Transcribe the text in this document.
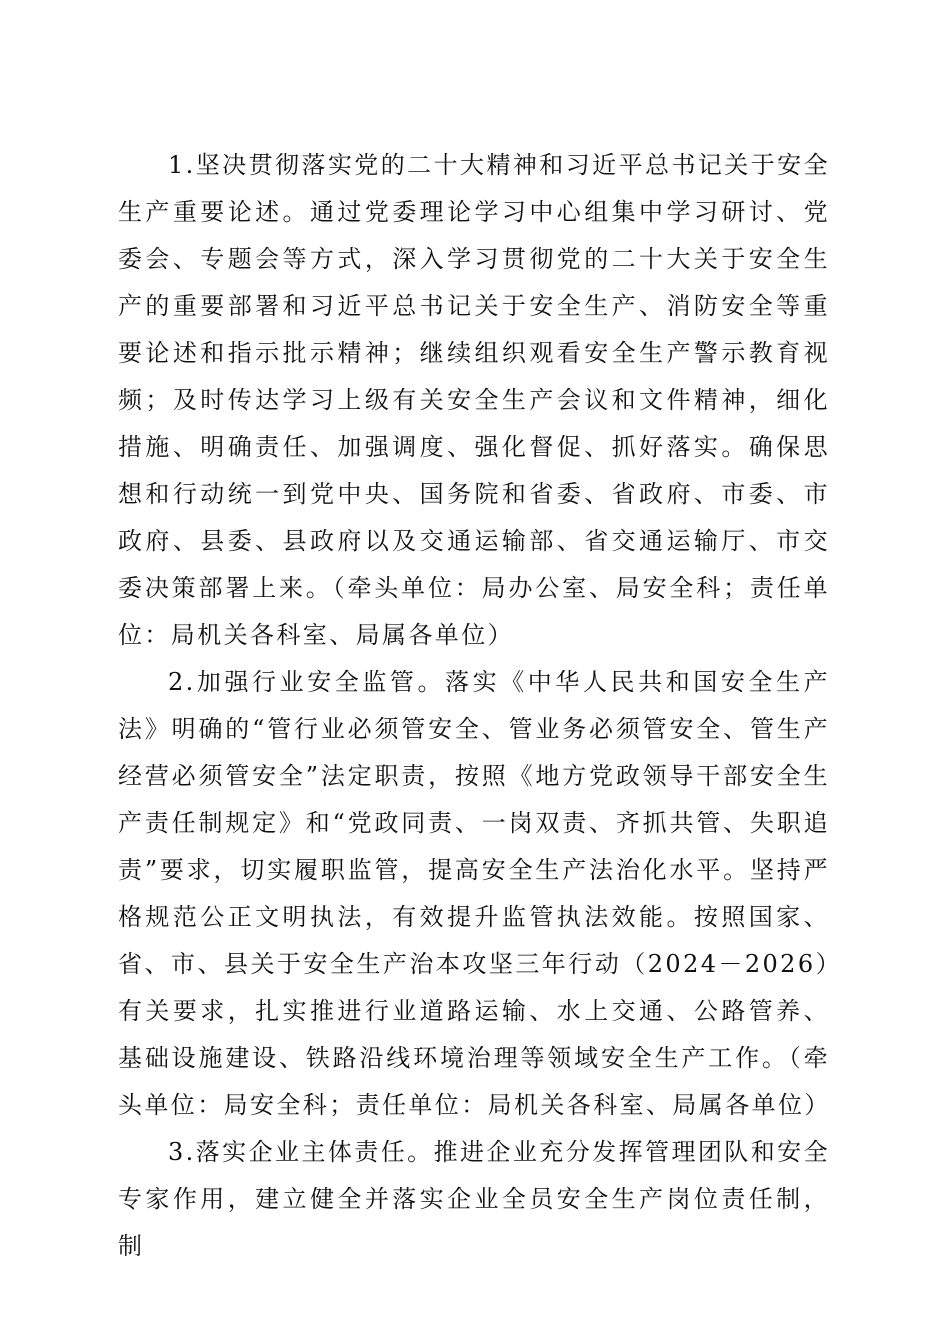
1.坚决贯彻落实党的二十大精神和习近平总书记关于安全生产重要论述。通过党委理论学习中心组集中学习研讨、党委会、专题会等方式，深入学习贯彻党的二十大关于安全生产的重要部署和习近平总书记关于安全生产、消防安全等重要论述和指示批示精神；继续组织观看安全生产警示教育视频；及时传达学习上级有关安全生产会议和文件精神，细化措施、明确责任、加强调度、强化督促、抓好落实。确保思想和行动统一到党中央、国务院和省委、省政府、市委、市政府、县委、县政府以及交通运输部、省交通运输厅、市交委决策部署上来。（牵头单位：局办公室、局安全科；责任单位：局机关各科室、局属各单位）

2.加强行业安全监管。落实《中华人民共和国安全生产法》明确的“管行业必须管安全、管业务必须管安全、管生产经营必须管安全”法定职责，按照《地方党政领导干部安全生产责任制规定》和“党政同责、一岗双责、齐抓共管、失职追责”要求，切实履职监管，提高安全生产法治化水平。坚持严格规范公正文明执法，有效提升监管执法效能。按照国家、省、市、县关于安全生产治本攻坚三年行动（2024－2026）有关要求，扎实推进行业道路运输、水上交通、公路管养、基础设施建设、铁路沿线环境治理等领域安全生产工作。（牵头单位：局安全科；责任单位：局机关各科室、局属各单位）

3.落实企业主体责任。推进企业充分发挥管理团队和安全专家作用，建立健全并落实企业全员安全生产岗位责任制，制
